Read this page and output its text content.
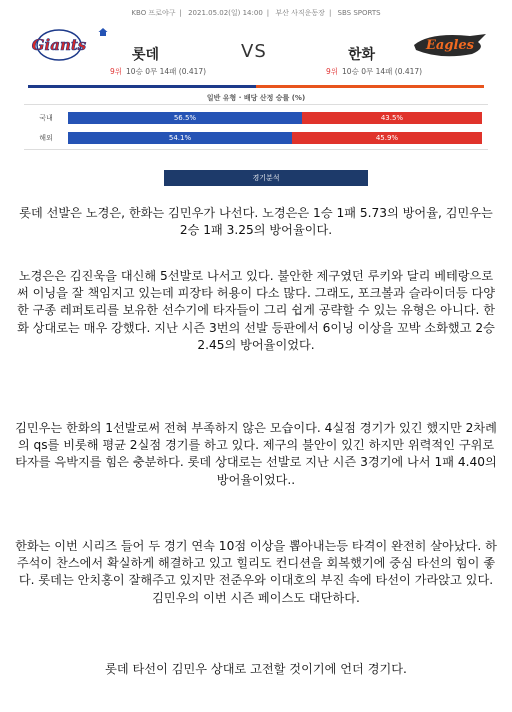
KBO 프로야구 | 2021.05.02(일) 14:00 | 부산 사직운동장 | SBS SPORTS
Giants
롯데	VS	한화
Eagles
9위 10승 0무 14패 (0.417)	9위 10승 0무 14패 (0.417)
일반 유형 · 배당 산정 승률 (%)
국내	56.5%	43.5%
해외	54.1%	45.9%
경기분석
롯데 선발은 노경은, 한화는 김민우가 나선다. 노경은은 1승 1패 5.73의 방어율, 김민우는 2승 1패 3.25의 방어율이다.
노경은은 김진욱을 대신해 5선발로 나서고 있다. 불안한 제구였던 루키와 달리 베테랑으로써 이닝을 잘 책임지고 있는데 피장타 허용이 다소 많다. 그래도, 포크볼과 슬라이더등 다양한 구종 레퍼토리를 보유한 선수기에 타자들이 그리 쉽게 공략할 수 있는 유형은 아니다. 한화 상대로는 매우 강했다. 지난 시즌 3번의 선발 등판에서 6이닝 이상을 꼬박 소화했고 2승 2.45의 방어율이었다.
김민우는 한화의 1선발로써 전혀 부족하지 않은 모습이다. 4실점 경기가 있긴 했지만 2차례의 qs를 비롯해 평균 2실점 경기를 하고 있다. 제구의 불안이 있긴 하지만 위력적인 구위로 타자를 윽박지를 힘은 충분하다. 롯데 상대로는 선발로 지난 시즌 3경기에 나서 1패 4.40의 방어율이었다..
한화는 이번 시리즈 들어 두 경기 연속 10점 이상을 뽑아내는등 타격이 완전히 살아났다. 하주석이 찬스에서 확실하게 해결하고 있고 힐리도 컨디션을 회복했기에 중심 타선의 힘이 좋다. 롯데는 안치홍이 잘해주고 있지만 전준우와 이대호의 부진 속에 타선이 가라앉고 있다. 김민우의 이번 시즌 페이스도 대단하다.
롯데 타선이 김민우 상대로 고전할 것이기에 언더 경기다.
